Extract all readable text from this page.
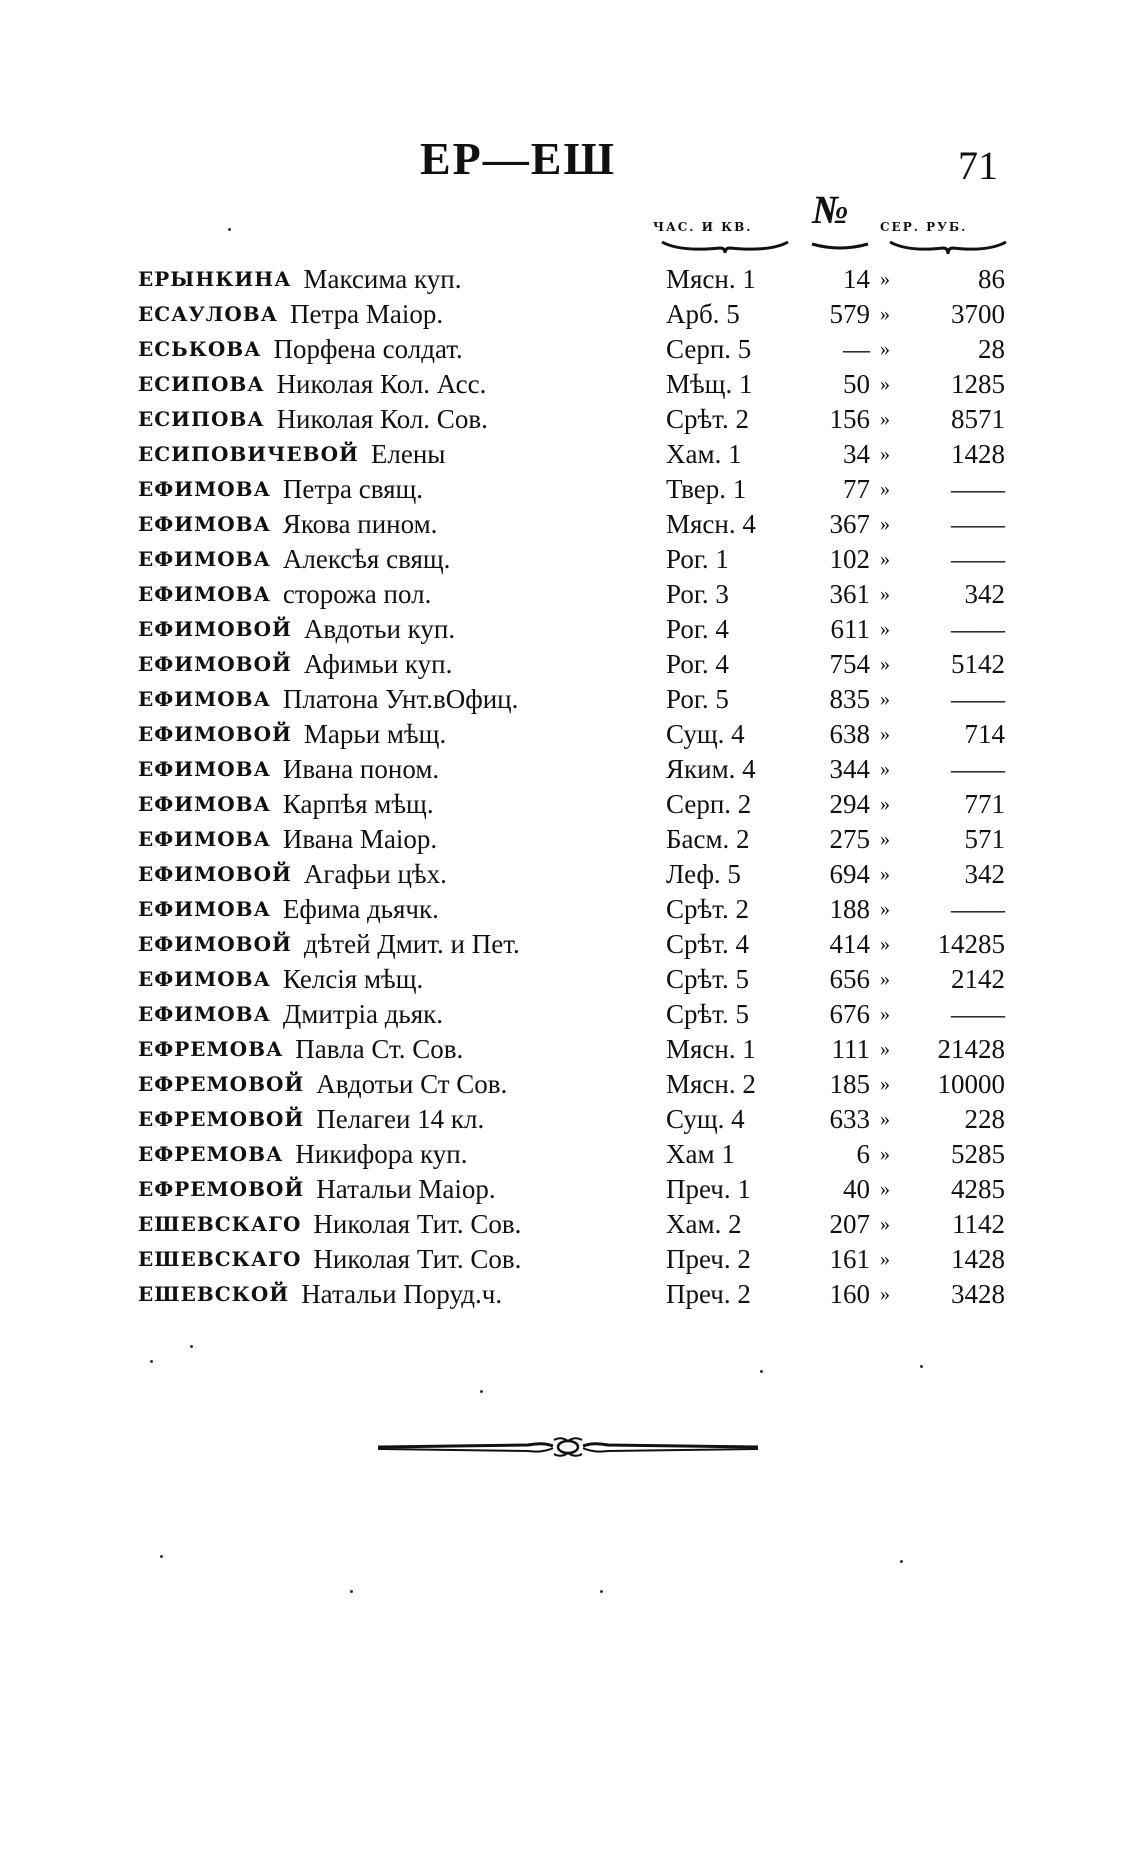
ЕР—ЕШ	71
ЧАС. И КВ. №	СЕР. РУБ.
ЕРЫНКИНА Максима куп.	Мясн. 1	14 »	86
ЕСАУЛОВА Петра Маіор.	Арб. 5	579 »	3700
ЕСЬКОВА Порфена солдат.	Серп. 5	— »	28
ЕСИПОВА Николая Кол. Асс.	Мѣщ. 1	50 »	1285
ЕСИПОВА Николая Кол. Сов.	Срѣт. 2	156 »	8571
ЕСИПОВИЧЕВОЙ Елены	Хам. 1	34 »	1428
ЕФИМОВА Петра свящ.	Твер. 1	77 »	——
ЕФИМОВА Якова пином.	Мясн. 4	367 »	——
ЕФИМОВА Алексѣя свящ.	Рог. 1	102 »	——
ЕФИМОВА сторожа пол.	Рог. 3	361 »	342
ЕФИМОВОЙ Авдотьи куп.	Рог. 4	611 »	——
ЕФИМОВОЙ Афимьи куп.	Рог. 4	754 »	5142
ЕФИМОВА Платона Унт.вОфиц.	Рог. 5	835 »	——
ЕФИМОВОЙ Марьи мѣщ.	Сущ. 4	638 »	714
ЕФИМОВА Ивана поном.	Яким. 4	344 »	——
ЕФИМОВА Карпѣя мѣщ.	Серп. 2	294 »	771
ЕФИМОВА Ивана Маіор.	Басм. 2	275 »	571
ЕФИМОВОЙ Агафьи цѣх.	Леф. 5	694 »	342
ЕФИМОВА Ефима дьячк.	Срѣт. 2	188 »	——
ЕФИМОВОЙ дѣтей Дмит. и Пет.	Срѣт. 4	414 »	14285
ЕФИМОВА Келсія мѣщ.	Срѣт. 5	656 »	2142
ЕФИМОВА Дмитріа дьяк.	Срѣт. 5	676 »	——
ЕФРЕМОВА Павла Ст. Сов.	Мясн. 1	111 »	21428
ЕФРЕМОВОЙ Авдотьи Ст Сов.	Мясн. 2	185 »	10000
ЕФРЕМОВОЙ Пелагеи 14 кл.	Сущ. 4	633 »	228
ЕФРЕМОВА Никифора куп.	Хам 1	6 »	5285
ЕФРЕМОВОЙ Натальи Маіор.	Преч. 1	40 »	4285
ЕШЕВСКАГО Николая Тит. Сов.	Хам. 2	207 »	1142
ЕШЕВСКАГО Николая Тит. Сов.	Преч. 2	161 »	1428
ЕШЕВСКОЙ Натальи Поруд.ч.	Преч. 2	160 »	3428
